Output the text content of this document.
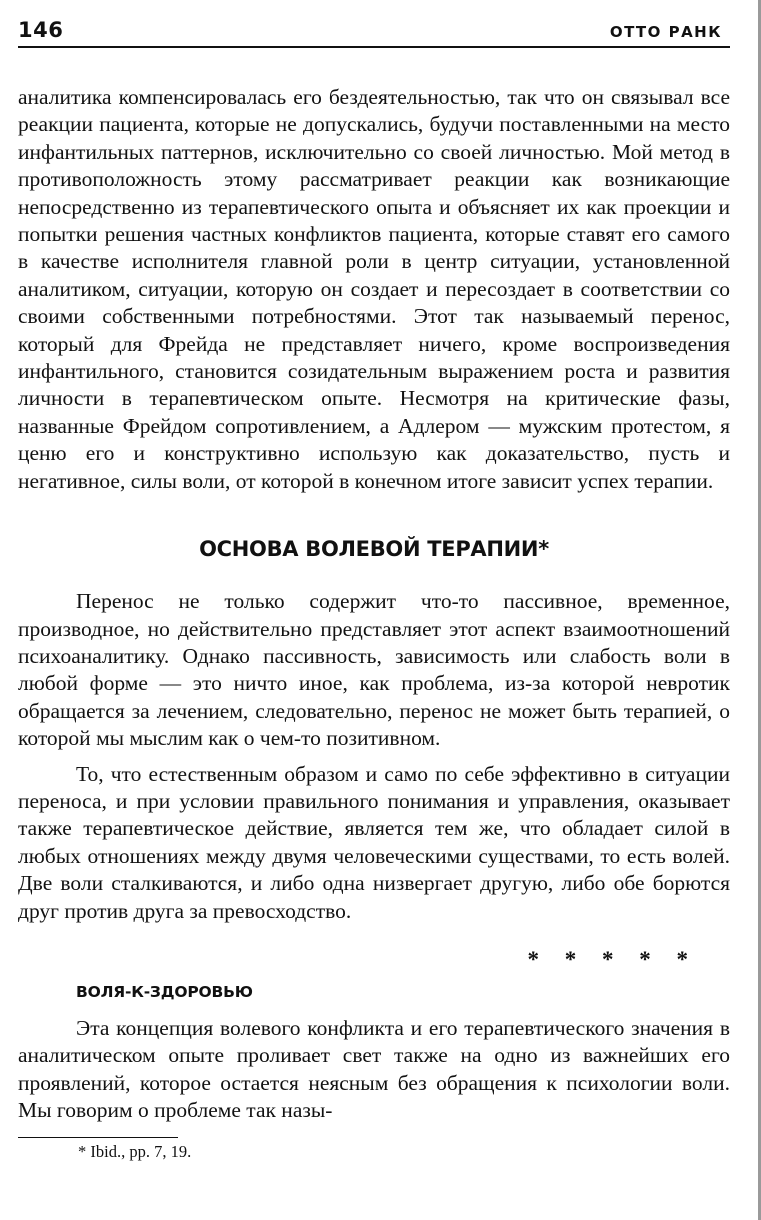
146	ОТТО РАНК

аналитика компенсировалась его бездеятельностью, так что он связывал все реакции пациента, которые не допускались, будучи поставленными на место инфантильных паттернов, исключительно со своей личностью. Мой метод в противоположность этому рассматривает реакции как возникающие непосредственно из терапевтического опыта и объясняет их как проекции и попытки решения частных конфликтов пациента, которые ставят его самого в качестве исполнителя главной роли в центр ситуации, установленной аналитиком, ситуации, которую он создает и пересоздает в соответствии со своими собственными потребностями. Этот так называемый перенос, который для Фрейда не представляет ничего, кроме воспроизведения инфантильного, становится созидательным выражением роста и развития личности в терапевтическом опыте. Несмотря на критические фазы, названные Фрейдом сопротивлением, а Адлером — мужским протестом, я ценю его и конструктивно использую как доказательство, пусть и негативное, силы воли, от которой в конечном итоге зависит успех терапии.

ОСНОВА ВОЛЕВОЙ ТЕРАПИИ*

Перенос не только содержит что-то пассивное, временное, производное, но действительно представляет этот аспект взаимоотношений психоаналитику. Однако пассивность, зависимость или слабость воли в любой форме — это ничто иное, как проблема, из-за которой невротик обращается за лечением, следовательно, перенос не может быть терапией, о которой мы мыслим как о чем-то позитивном.

То, что естественным образом и само по себе эффективно в ситуации переноса, и при условии правильного понимания и управления, оказывает также терапевтическое действие, является тем же, что обладает силой в любых отношениях между двумя человеческими существами, то есть волей. Две воли сталкиваются, и либо одна низвергает другую, либо обе борются друг против друга за превосходство.

* * * * *
ВОЛЯ-К-ЗДОРОВЬЮ

Эта концепция волевого конфликта и его терапевтического значения в аналитическом опыте проливает свет также на одно из важнейших его проявлений, которое остается неясным без обращения к психологии воли. Мы говорим о проблеме так назы-

* Ibid., pp. 7, 19.
